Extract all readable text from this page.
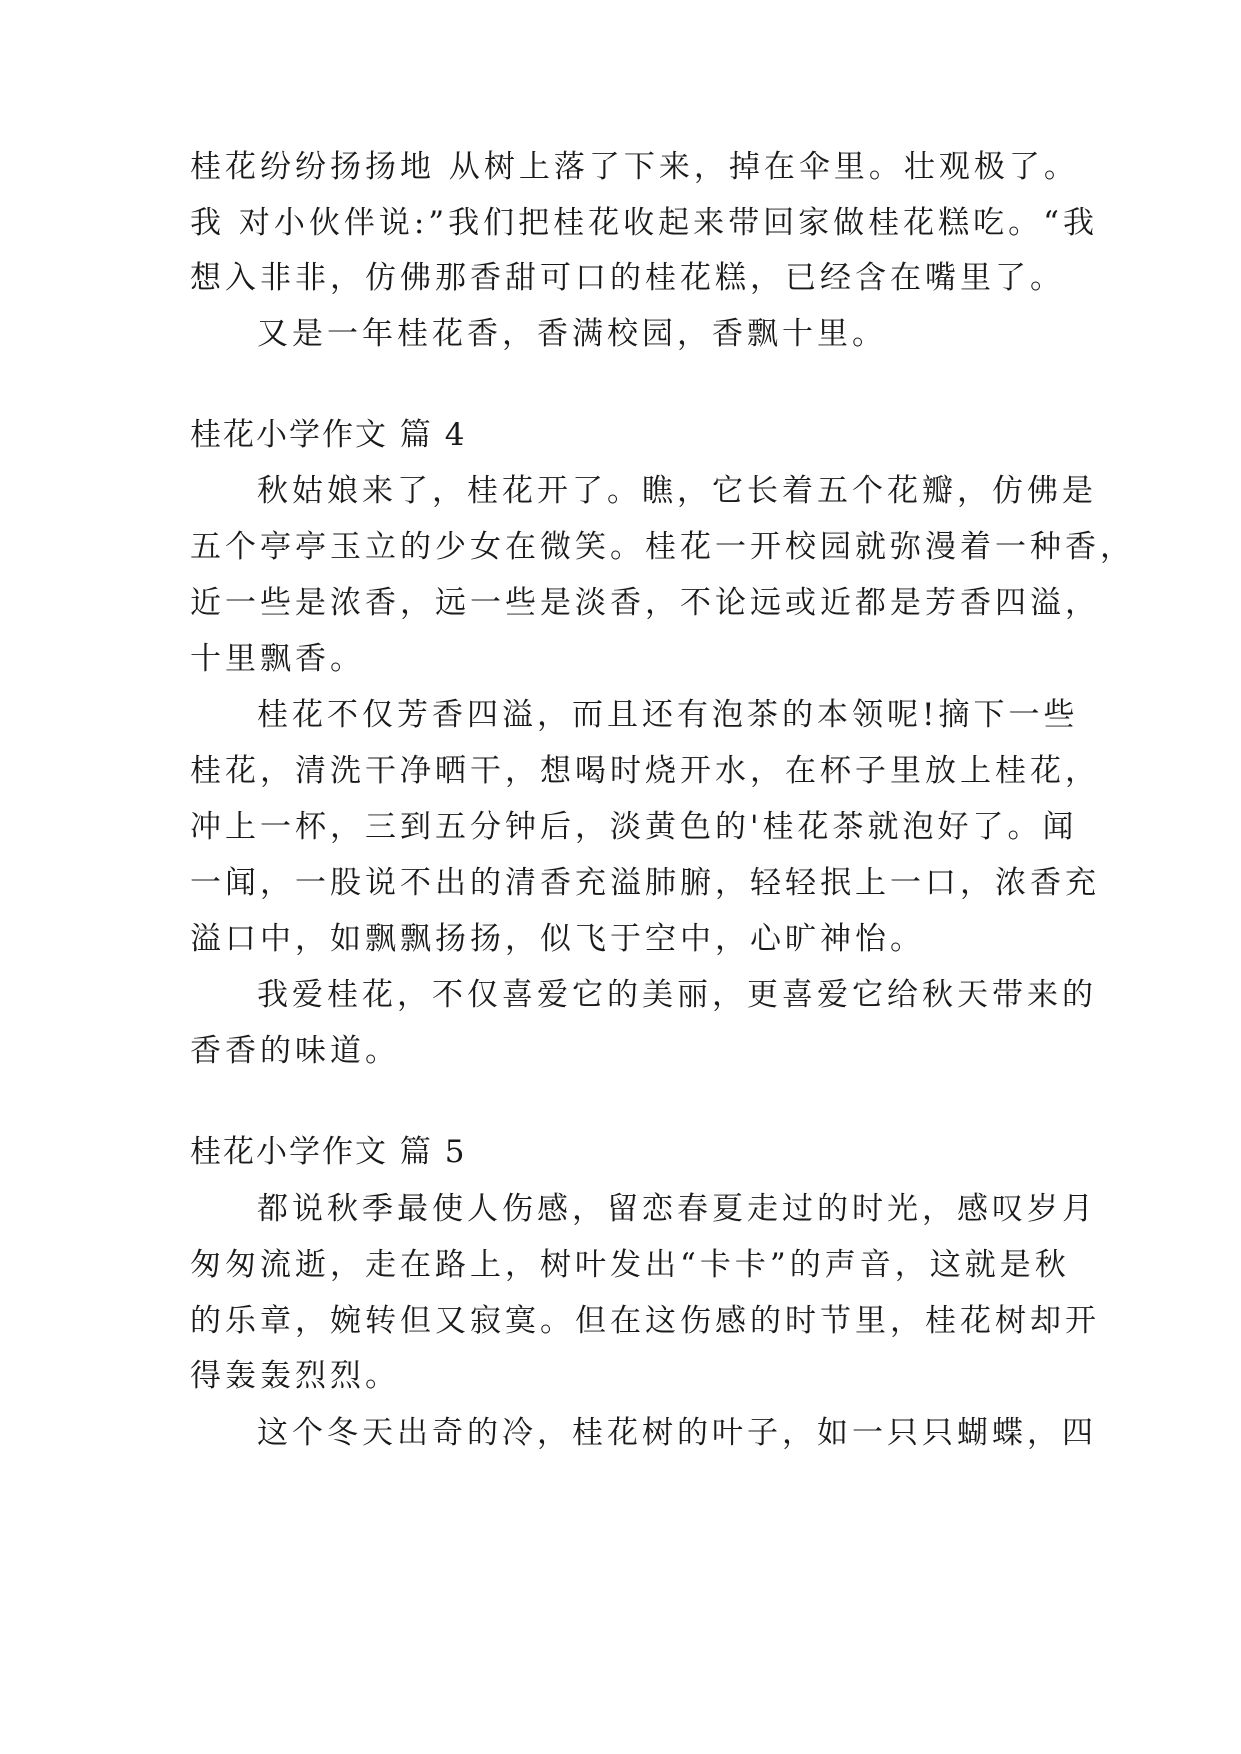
桂花纷纷扬扬地 从树上落了下来，掉在伞里。壮观极了。
我 对小伙伴说:”我们把桂花收起来带回家做桂花糕吃。“我
想入非非，仿佛那香甜可口的桂花糕，已经含在嘴里了。
又是一年桂花香，香满校园，香飘十里。
桂花小学作文 篇 4
秋姑娘来了，桂花开了。瞧，它长着五个花瓣，仿佛是
五个亭亭玉立的少女在微笑。桂花一开校园就弥漫着一种香，
近一些是浓香，远一些是淡香，不论远或近都是芳香四溢，
十里飘香。
桂花不仅芳香四溢，而且还有泡茶的本领呢!摘下一些
桂花，清洗干净晒干，想喝时烧开水，在杯子里放上桂花，
冲上一杯，三到五分钟后，淡黄色的'桂花茶就泡好了。闻
一闻，一股说不出的清香充溢肺腑，轻轻抿上一口，浓香充
溢口中，如飘飘扬扬，似飞于空中，心旷神怡。
我爱桂花，不仅喜爱它的美丽，更喜爱它给秋天带来的
香香的味道。
桂花小学作文 篇 5
都说秋季最使人伤感，留恋春夏走过的时光，感叹岁月
匆匆流逝，走在路上，树叶发出“卡卡”的声音，这就是秋
的乐章，婉转但又寂寞。但在这伤感的时节里，桂花树却开
得轰轰烈烈。
这个冬天出奇的冷，桂花树的叶子，如一只只蝴蝶，四
